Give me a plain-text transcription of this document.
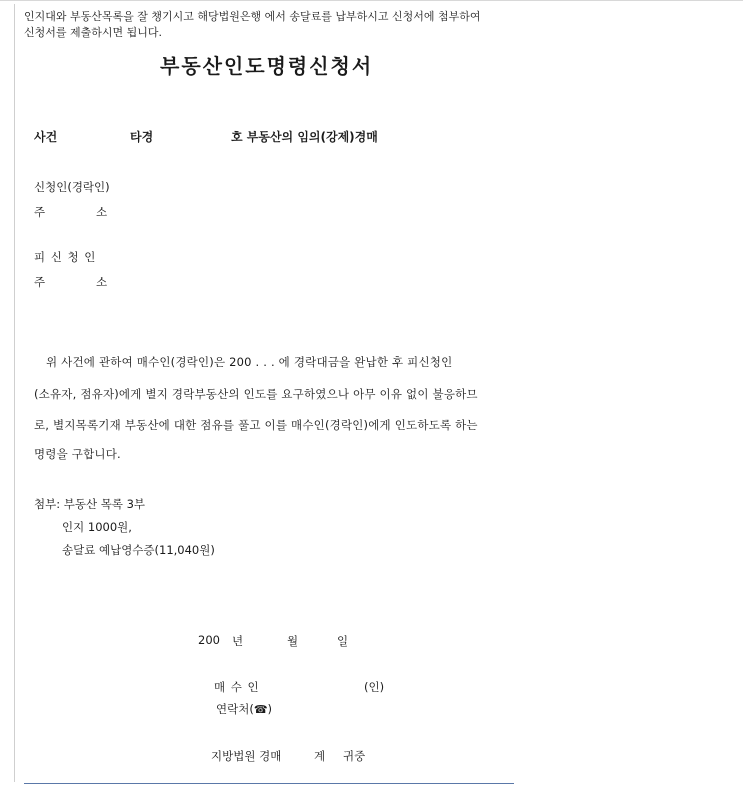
인지대와 부동산목록을 잘 챙기시고 해당법원은행 에서 송달료를 납부하시고 신청서에 첨부하여
신청서를 제출하시면 됩니다.
부동산인도명령신청서
사건	타경	호 부동산의 임의(강제)경매
신청인(경락인)
주	소
피 신 청 인
주	소
위 사건에 관하여 매수인(경락인)은 200 . . . 에 경락대금을 완납한 후 피신청인
(소유자, 점유자)에게 별지 경락부동산의 인도를 요구하였으나 아무 이유 없이 불응하므
로, 별지목록기재 부동산에 대한 점유를 풀고 이를 매수인(경락인)에게 인도하도록 하는
명령을 구합니다.
첨부: 부동산 목록 3부
인지 1000원,
송달료 예납영수증(11,040원)
200 년	월	일
매 수 인	(인)
연락처(☎)
지방법원 경매	계 귀중
